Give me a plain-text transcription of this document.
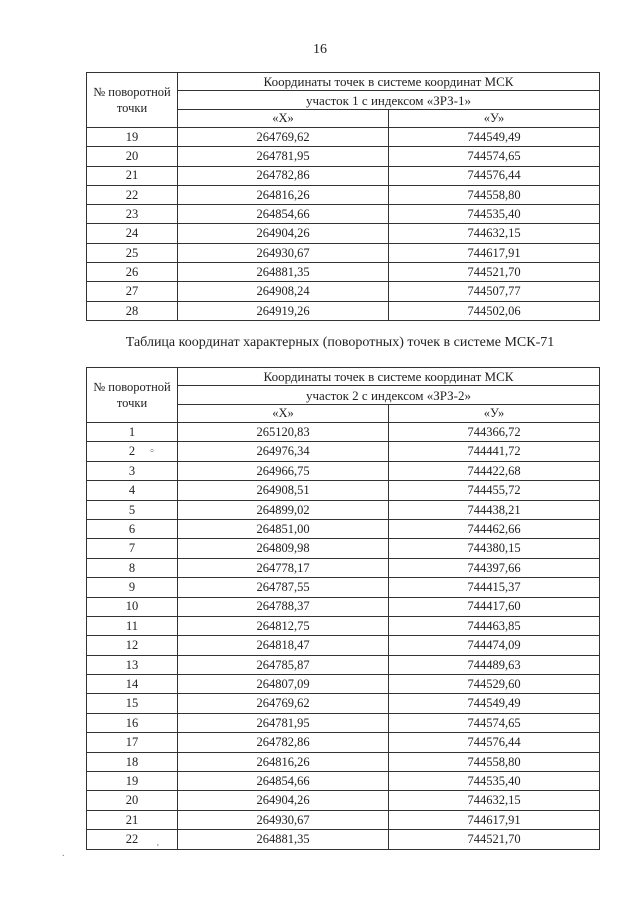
16
№ поворотной точки	Координаты точек в системе координат МСК	
	участок 1 с индексом «ЗРЗ-1»	
	«Х»	«У»
19	264769,62	744549,49
20	264781,95	744574,65
21	264782,86	744576,44
22	264816,26	744558,80
23	264854,66	744535,40
24	264904,26	744632,15
25	264930,67	744617,91
26	264881,35	744521,70
27	264908,24	744507,77
28	264919,26	744502,06
Таблица координат характерных (поворотных) точек в системе МСК-71
№ поворотной точки	Координаты точек в системе координат МСК	
	участок 2 с индексом «ЗРЗ-2»	
	«Х»	«У»
1	265120,83	744366,72
2	264976,34	744441,72
3	264966,75	744422,68
4	264908,51	744455,72
5	264899,02	744438,21
6	264851,00	744462,66
7	264809,98	744380,15
8	264778,17	744397,66
9	264787,55	744415,37
10	264788,37	744417,60
11	264812,75	744463,85
12	264818,47	744474,09
13	264785,87	744489,63
14	264807,09	744529,60
15	264769,62	744549,49
16	264781,95	744574,65
17	264782,86	744576,44
18	264816,26	744558,80
19	264854,66	744535,40
20	264904,26	744632,15
21	264930,67	744617,91
22	264881,35	744521,70
°
'
.
